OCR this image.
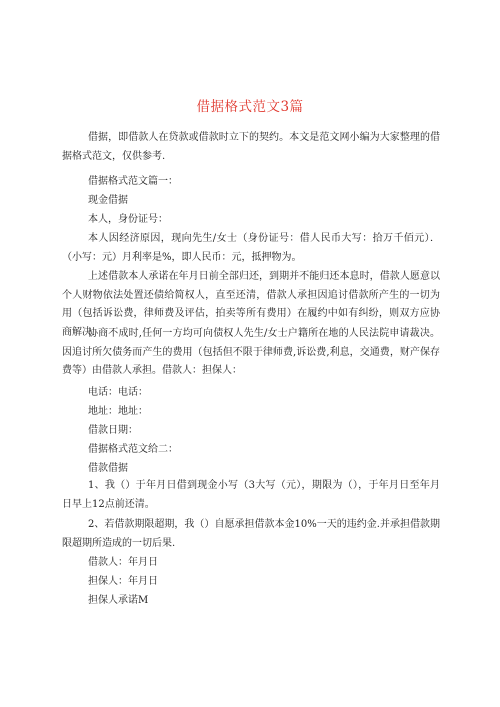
借据格式范文3篇

借据，即借款人在贷款或借款时立下的契约。本文是范文网小编为大家整理的借据格式范文，仅供参考.

借据格式范文篇一：
现金借据
本人，身份证号：

本人因经济原因，现向先生/女士（身份证号：借人民币大写：拾万千佰元）．（小写：元）月利率是%，即人民币：元，抵押物为。

上述借款本人承诺在年月日前全部归还，到期并不能归还本息时，借款人愿意以个人财物依法处置还债给简权人，直至还清，借款人承担因追讨借款所产生的一切为用（包括诉讼费，律师费及评估，拍卖等所有费用）在履约中如有纠纷，则双方应协商解决.

协商不成时,任何一方均可向债权人先生/女士户籍所在地的人民法院申请裁决。因追讨所欠债务而产生的费用（包括但不限于律师费,诉讼费,利息，交通费，财产保存费等）由借款人承担。借款人：担保人：

电话：电话：
地址：地址：
借款日期：
借据格式范文给二：
借款借据

1、我（）于年月日借到现金小写（3大写（元），期限为（），于年月日至年月日早上12点前还清。

2、若借款期限超期，我（）自愿承担借款本金10%一天的违约金.并承担借款期限超期所造成的一切后果.

借款人：年月日
担保人：年月日
担保人承诺M
